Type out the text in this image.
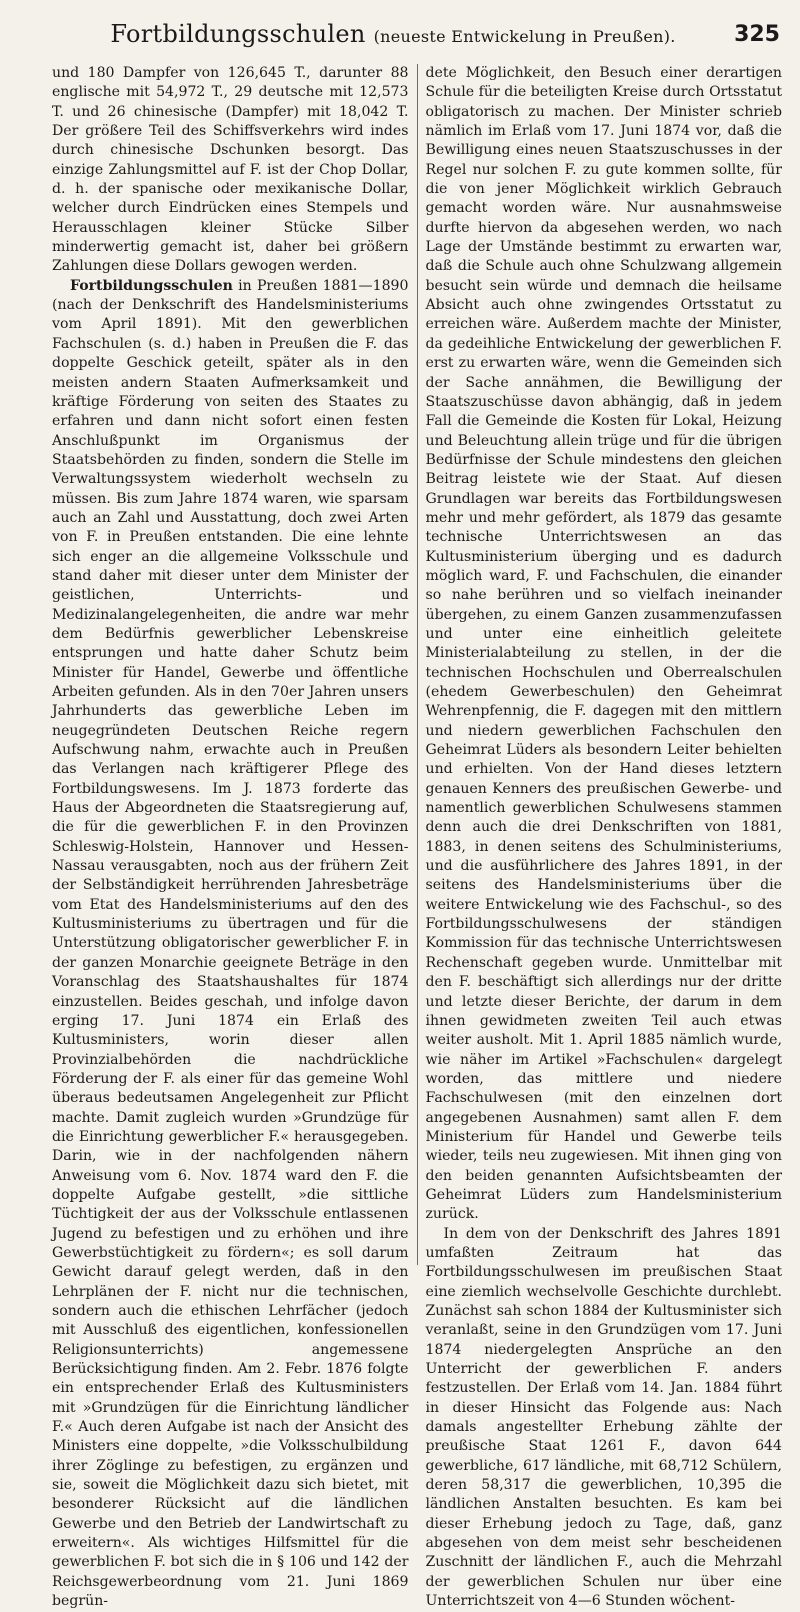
Fortbildungsschulen (neueste Entwickelung in Preußen).	325

und 180 Dampfer von 126,645 T., darunter 88 englische mit 54,972 T., 29 deutsche mit 12,573 T. und 26 chinesische (Dampfer) mit 18,042 T. Der größere Teil des Schiffsverkehrs wird indes durch chinesische Dschunken besorgt. Das einzige Zahlungsmittel auf F. ist der Chop Dollar, d. h. der spanische oder mexikanische Dollar, welcher durch Eindrücken eines Stempels und Herausschlagen kleiner Stücke Silber minderwertig gemacht ist, daher bei größern Zahlungen diese Dollars gewogen werden.

Fortbildungsschulen in Preußen 1881—1890 (nach der Denkschrift des Handelsministeriums vom April 1891). Mit den gewerblichen Fachschulen (s. d.) haben in Preußen die F. das doppelte Geschick geteilt, später als in den meisten andern Staaten Aufmerksamkeit und kräftige Förderung von seiten des Staates zu erfahren und dann nicht sofort einen festen Anschlußpunkt im Organismus der Staatsbehörden zu finden, sondern die Stelle im Verwaltungssystem wiederholt wechseln zu müssen. Bis zum Jahre 1874 waren, wie sparsam auch an Zahl und Ausstattung, doch zwei Arten von F. in Preußen entstanden. Die eine lehnte sich enger an die allgemeine Volksschule und stand daher mit dieser unter dem Minister der geistlichen, Unterrichts- und Medizinalangelegenheiten, die andre war mehr dem Bedürfnis gewerblicher Lebenskreise entsprungen und hatte daher Schutz beim Minister für Handel, Gewerbe und öffentliche Arbeiten gefunden. Als in den 70er Jahren unsers Jahrhunderts das gewerbliche Leben im neugegründeten Deutschen Reiche regern Aufschwung nahm, erwachte auch in Preußen das Verlangen nach kräftigerer Pflege des Fortbildungswesens. Im J. 1873 forderte das Haus der Abgeordneten die Staatsregierung auf, die für die gewerblichen F. in den Provinzen Schleswig-Holstein, Hannover und Hessen-Nassau verausgabten, noch aus der frühern Zeit der Selbständigkeit herrührenden Jahresbeträge vom Etat des Handelsministeriums auf den des Kultusministeriums zu übertragen und für die Unterstützung obligatorischer gewerblicher F. in der ganzen Monarchie geeignete Beträge in den Voranschlag des Staatshaushaltes für 1874 einzustellen. Beides geschah, und infolge davon erging 17. Juni 1874 ein Erlaß des Kultusministers, worin dieser allen Provinzialbehörden die nachdrückliche Förderung der F. als einer für das gemeine Wohl überaus bedeutsamen Angelegenheit zur Pflicht machte. Damit zugleich wurden »Grundzüge für die Einrichtung gewerblicher F.« herausgegeben. Darin, wie in der nachfolgenden nähern Anweisung vom 6. Nov. 1874 ward den F. die doppelte Aufgabe gestellt, »die sittliche Tüchtigkeit der aus der Volksschule entlassenen Jugend zu befestigen und zu erhöhen und ihre Gewerbstüchtigkeit zu fördern«; es soll darum Gewicht darauf gelegt werden, daß in den Lehrplänen der F. nicht nur die technischen, sondern auch die ethischen Lehrfächer (jedoch mit Ausschluß des eigentlichen, konfessionellen Religionsunterrichts) angemessene Berücksichtigung finden. Am 2. Febr. 1876 folgte ein entsprechender Erlaß des Kultusministers mit »Grundzügen für die Einrichtung ländlicher F.« Auch deren Aufgabe ist nach der Ansicht des Ministers eine doppelte, »die Volksschulbildung ihrer Zöglinge zu befestigen, zu ergänzen und sie, soweit die Möglichkeit dazu sich bietet, mit besonderer Rücksicht auf die ländlichen Gewerbe und den Betrieb der Landwirtschaft zu erweitern«. Als wichtiges Hilfsmittel für die gewerblichen F. bot sich die in § 106 und 142 der Reichsgewerbeordnung vom 21. Juni 1869 begrün-

dete Möglichkeit, den Besuch einer derartigen Schule für die beteiligten Kreise durch Ortsstatut obligatorisch zu machen. Der Minister schrieb nämlich im Erlaß vom 17. Juni 1874 vor, daß die Bewilligung eines neuen Staatszuschusses in der Regel nur solchen F. zu gute kommen sollte, für die von jener Möglichkeit wirklich Gebrauch gemacht worden wäre. Nur ausnahmsweise durfte hiervon da abgesehen werden, wo nach Lage der Umstände bestimmt zu erwarten war, daß die Schule auch ohne Schulzwang allgemein besucht sein würde und demnach die heilsame Absicht auch ohne zwingendes Ortsstatut zu erreichen wäre. Außerdem machte der Minister, da gedeihliche Entwickelung der gewerblichen F. erst zu erwarten wäre, wenn die Gemeinden sich der Sache annähmen, die Bewilligung der Staatszuschüsse davon abhängig, daß in jedem Fall die Gemeinde die Kosten für Lokal, Heizung und Beleuchtung allein trüge und für die übrigen Bedürfnisse der Schule mindestens den gleichen Beitrag leistete wie der Staat. Auf diesen Grundlagen war bereits das Fortbildungswesen mehr und mehr gefördert, als 1879 das gesamte technische Unterrichtswesen an das Kultusministerium überging und es dadurch möglich ward, F. und Fachschulen, die einander so nahe berühren und so vielfach ineinander übergehen, zu einem Ganzen zusammenzufassen und unter eine einheitlich geleitete Ministerialabteilung zu stellen, in der die technischen Hochschulen und Oberrealschulen (ehedem Gewerbeschulen) den Geheimrat Wehrenpfennig, die F. dagegen mit den mittlern und niedern gewerblichen Fachschulen den Geheimrat Lüders als besondern Leiter behielten und erhielten. Von der Hand dieses letztern genauen Kenners des preußischen Gewerbe- und namentlich gewerblichen Schulwesens stammen denn auch die drei Denkschriften von 1881, 1883, in denen seitens des Schulministeriums, und die ausführlichere des Jahres 1891, in der seitens des Handelsministeriums über die weitere Entwickelung wie des Fachschul-, so des Fortbildungsschulwesens der ständigen Kommission für das technische Unterrichtswesen Rechenschaft gegeben wurde. Unmittelbar mit den F. beschäftigt sich allerdings nur der dritte und letzte dieser Berichte, der darum in dem ihnen gewidmeten zweiten Teil auch etwas weiter ausholt. Mit 1. April 1885 nämlich wurde, wie näher im Artikel »Fachschulen« dargelegt worden, das mittlere und niedere Fachschulwesen (mit den einzelnen dort angegebenen Ausnahmen) samt allen F. dem Ministerium für Handel und Gewerbe teils wieder, teils neu zugewiesen. Mit ihnen ging von den beiden genannten Aufsichtsbeamten der Geheimrat Lüders zum Handelsministerium zurück.

In dem von der Denkschrift des Jahres 1891 umfaßten Zeitraum hat das Fortbildungsschulwesen im preußischen Staat eine ziemlich wechselvolle Geschichte durchlebt. Zunächst sah schon 1884 der Kultusminister sich veranlaßt, seine in den Grundzügen vom 17. Juni 1874 niedergelegten Ansprüche an den Unterricht der gewerblichen F. anders festzustellen. Der Erlaß vom 14. Jan. 1884 führt in dieser Hinsicht das Folgende aus: Nach damals angestellter Erhebung zählte der preußische Staat 1261 F., davon 644 gewerbliche, 617 ländliche, mit 68,712 Schülern, deren 58,317 die gewerblichen, 10,395 die ländlichen Anstalten besuchten. Es kam bei dieser Erhebung jedoch zu Tage, daß, ganz abgesehen von dem meist sehr bescheidenen Zuschnitt der ländlichen F., auch die Mehrzahl der gewerblichen Schulen nur über eine Unterrichtszeit von 4—6 Stunden wöchent-
